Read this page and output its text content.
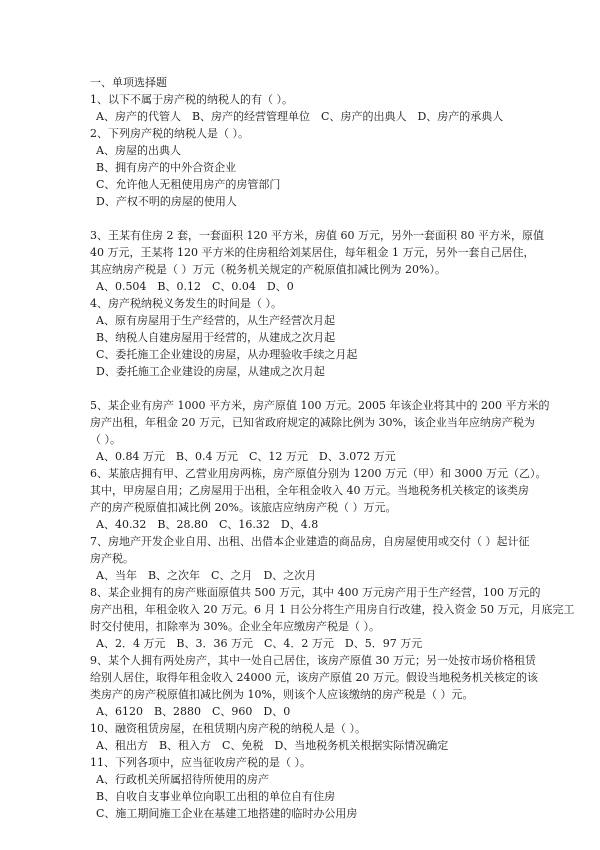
一、单项选择题
1、以下不属于房产税的纳税人的有（ ）。
A、房产的代管人　B、房产的经营管理单位　C、房产的出典人　D、房产的承典人
2、下列房产税的纳税人是（ ）。
A、房屋的出典人
B、拥有房产的中外合资企业
C、允许他人无租使用房产的房管部门
D、产权不明的房屋的使用人
3、王某有住房 2 套，一套面积 120 平方米，房值 60 万元，另外一套面积 80 平方米，原值
40 万元，王某将 120 平方米的住房租给刘某居住，每年租金 1 万元，另外一套自己居住，
其应纳房产税是（ ）万元（税务机关规定的产税原值扣减比例为 20%）。
A、0.504　B、0.12　C、0.04　D、0
4、房产税纳税义务发生的时间是（ ）。
A、原有房屋用于生产经营的，从生产经营次月起
B、纳税人自建房屋用于经营的，从建成之次月起
C、委托施工企业建设的房屋，从办理验收手续之月起
D、委托施工企业建设的房屋，从建成之次月起
5、某企业有房产 1000 平方米，房产原值 100 万元。2005 年该企业将其中的 200 平方米的
房产出租，年租金 20 万元，已知省政府规定的减除比例为 30%，该企业当年应纳房产税为
（ ）。
A、0.84 万元　B、0.4 万元　C、12 万元　D、3.072 万元
6、某旅店拥有甲、乙营业用房两栋，房产原值分别为 1200 万元（甲）和 3000 万元（乙）。
其中，甲房屋自用；乙房屋用于出租，全年租金收入 40 万元。当地税务机关核定的该类房
产的房产税原值扣减比例 20%。该旅店应纳房产税（ ）万元。
A、40.32　B、28.80　C、16.32　D、4.8
7、房地产开发企业自用、出租、出借本企业建造的商品房，自房屋使用或交付（ ）起计征
房产税。
A、当年　B、之次年　C、之月　D、之次月
8、某企业拥有的房产账面原值共 500 万元，其中 400 万元房产用于生产经营，100 万元的
房产出租，年租金收入 20 万元。6 月 1 日公分将生产用房自行改建，投入资金 50 万元，月底完工
时交付使用，扣除率为 30%。企业全年应缴房产税是（ ）。
A、2．4 万元　B、3．36 万元　C、4．2 万元　D、5．97 万元
9、某个人拥有两处房产，其中一处自己居住，该房产原值 30 万元；另一处按市场价格租赁
给别人居住，取得年租金收入 24000 元，该房产原值 20 万元。假设当地税务机关核定的该
类房产的房产税原值扣减比例为 10%，则该个人应该缴纳的房产税是（ ）元。
A、6120　B、2880　C、960　D、0
10、融资租赁房屋，在租赁期内房产税的纳税人是（ ）。
A、租出方　B、租入方　C、免税　D、当地税务机关根据实际情况确定
11、下列各项中，应当征收房产税的是（ ）。
A、行政机关所属招待所使用的房产
B、自收自支事业单位向职工出租的单位自有住房
C、施工期间施工企业在基建工地搭建的临时办公用房
